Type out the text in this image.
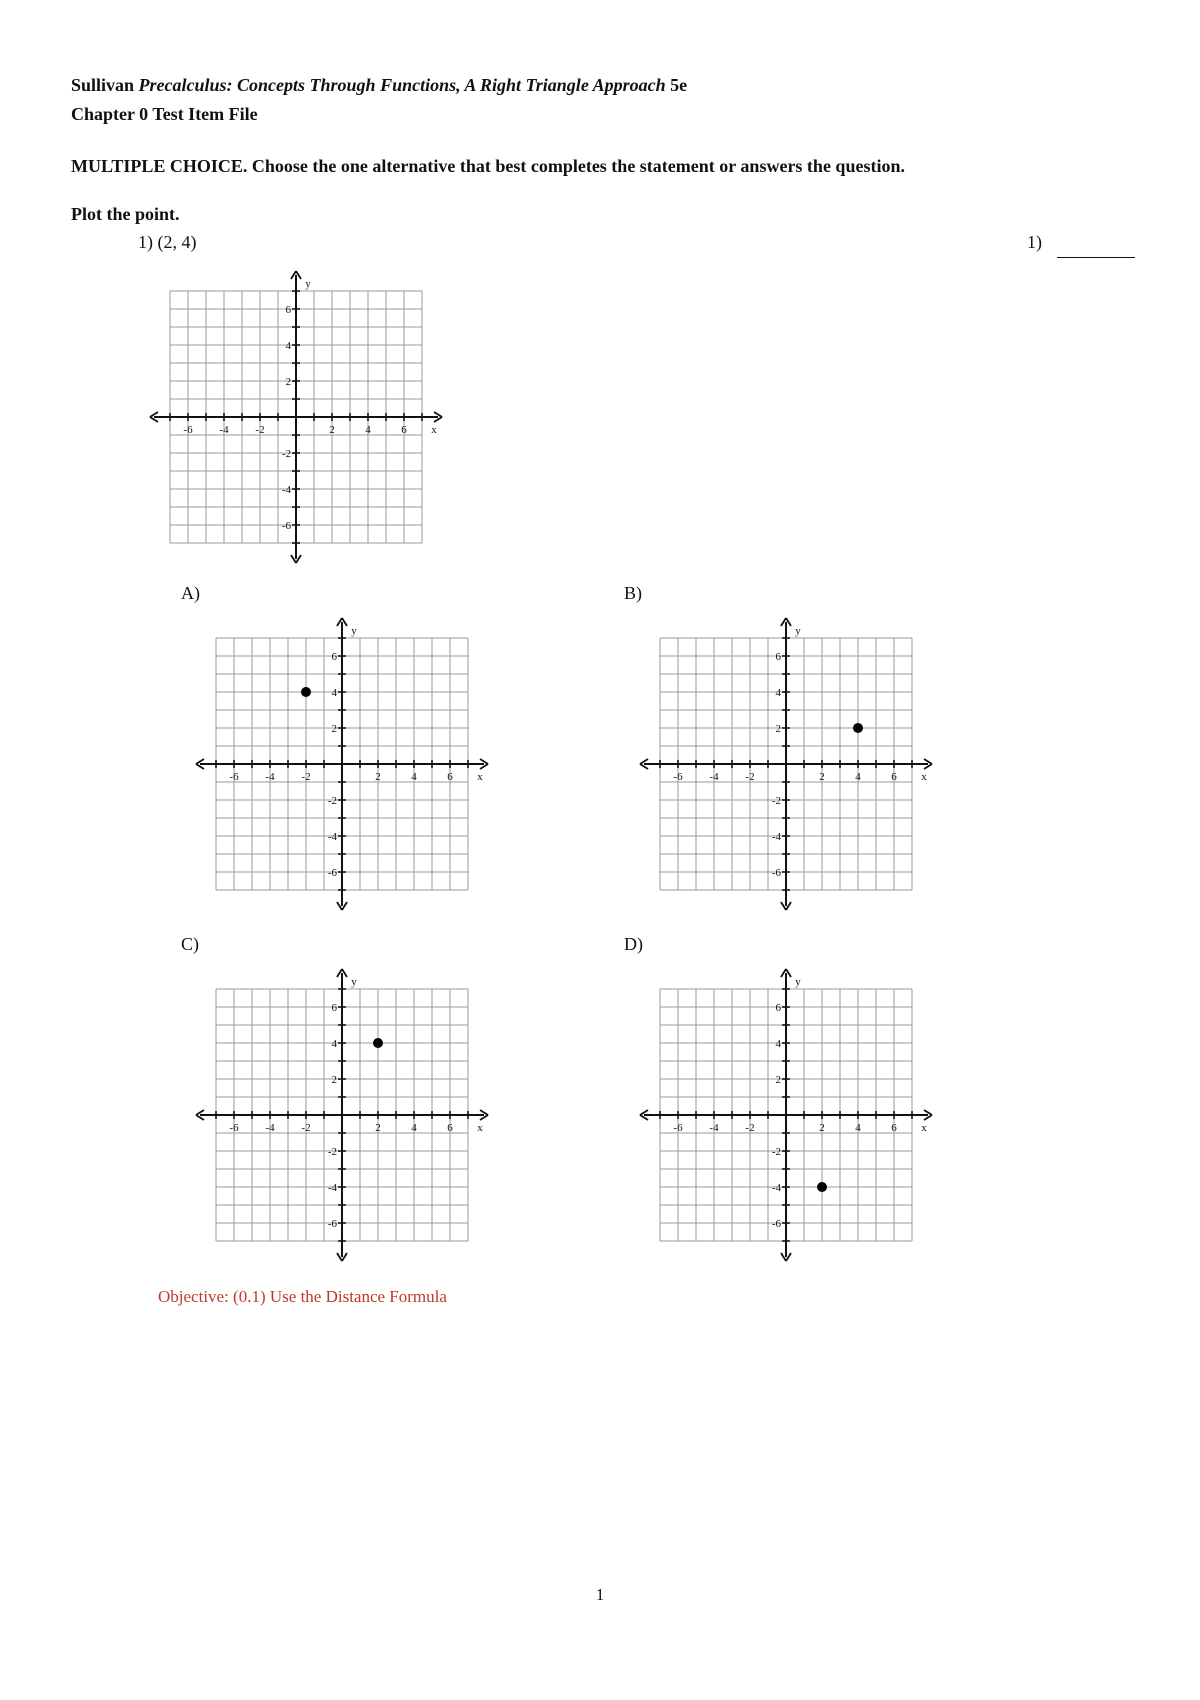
Sullivan Precalculus: Concepts Through Functions, A Right Triangle Approach 5e
Chapter 0 Test Item File
MULTIPLE CHOICE. Choose the one alternative that best completes the statement or answers the question.
Plot the point.
1) (2, 4)	1)
-6 -4 -2	2	4	6
6
4
2
-2
-4
-6
x
y
A)
-6 -4 -2	2	4	6
6
4
2
-2
-4
-6
x
y
B)
-6 -4 -2	2	4	6
6
4
2
-2
-4
-6
x
y
C)
-6 -4 -2	2	4	6
6
4
2
-2
-4
-6
x
y
D)
-6 -4 -2	2	4	6
6
4
2
-2
-4
-6
x
y
Objective: (0.1) Use the Distance Formula
1
